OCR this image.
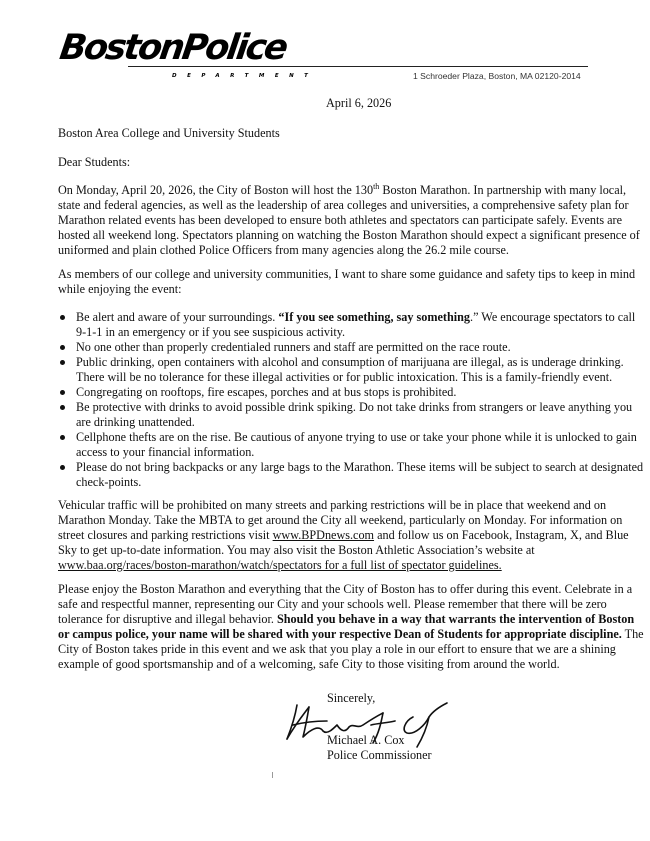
BostonPolice
DEPARTMENT	1 Schroeder Plaza, Boston, MA 02120-2014
April 6, 2026

Boston Area College and University Students

Dear Students:

On Monday, April 20, 2026, the City of Boston will host the 130th Boston Marathon. In partnership with many local, state and federal agencies, as well as the leadership of area colleges and universities, a comprehensive safety plan for Marathon related events has been developed to ensure both athletes and spectators can participate safely. Events are hosted all weekend long. Spectators planning on watching the Boston Marathon should expect a significant presence of uniformed and plain clothed Police Officers from many agencies along the 26.2 mile course.

As members of our college and university communities, I want to share some guidance and safety tips to keep in mind while enjoying the event:

Be alert and aware of your surroundings. “If you see something, say something.” We encourage spectators to call 9-1-1 in an emergency or if you see suspicious activity.
No one other than properly credentialed runners and staff are permitted on the race route.
Public drinking, open containers with alcohol and consumption of marijuana are illegal, as is underage drinking. There will be no tolerance for these illegal activities or for public intoxication. This is a family-friendly event.
Congregating on rooftops, fire escapes, porches and at bus stops is prohibited.
Be protective with drinks to avoid possible drink spiking. Do not take drinks from strangers or leave anything you are drinking unattended.
Cellphone thefts are on the rise. Be cautious of anyone trying to use or take your phone while it is unlocked to gain access to your financial information.
Please do not bring backpacks or any large bags to the Marathon. These items will be subject to search at designated check-points.

Vehicular traffic will be prohibited on many streets and parking restrictions will be in place that weekend and on Marathon Monday. Take the MBTA to get around the City all weekend, particularly on Monday. For information on street closures and parking restrictions visit www.BPDnews.com and follow us on Facebook, Instagram, X, and Blue Sky to get up-to-date information. You may also visit the Boston Athletic Association’s website at www.baa.org/races/boston-marathon/watch/spectators for a full list of spectator guidelines.

Please enjoy the Boston Marathon and everything that the City of Boston has to offer during this event. Celebrate in a safe and respectful manner, representing our City and your schools well. Please remember that there will be zero tolerance for disruptive and illegal behavior. Should you behave in a way that warrants the intervention of Boston or campus police, your name will be shared with your respective Dean of Students for appropriate discipline. The City of Boston takes pride in this event and we ask that you play a role in our effort to ensure that we are a shining example of good sportsmanship and of a welcoming, safe City to those visiting from around the world.

Sincerely,
Michael A. Cox
Police Commissioner
